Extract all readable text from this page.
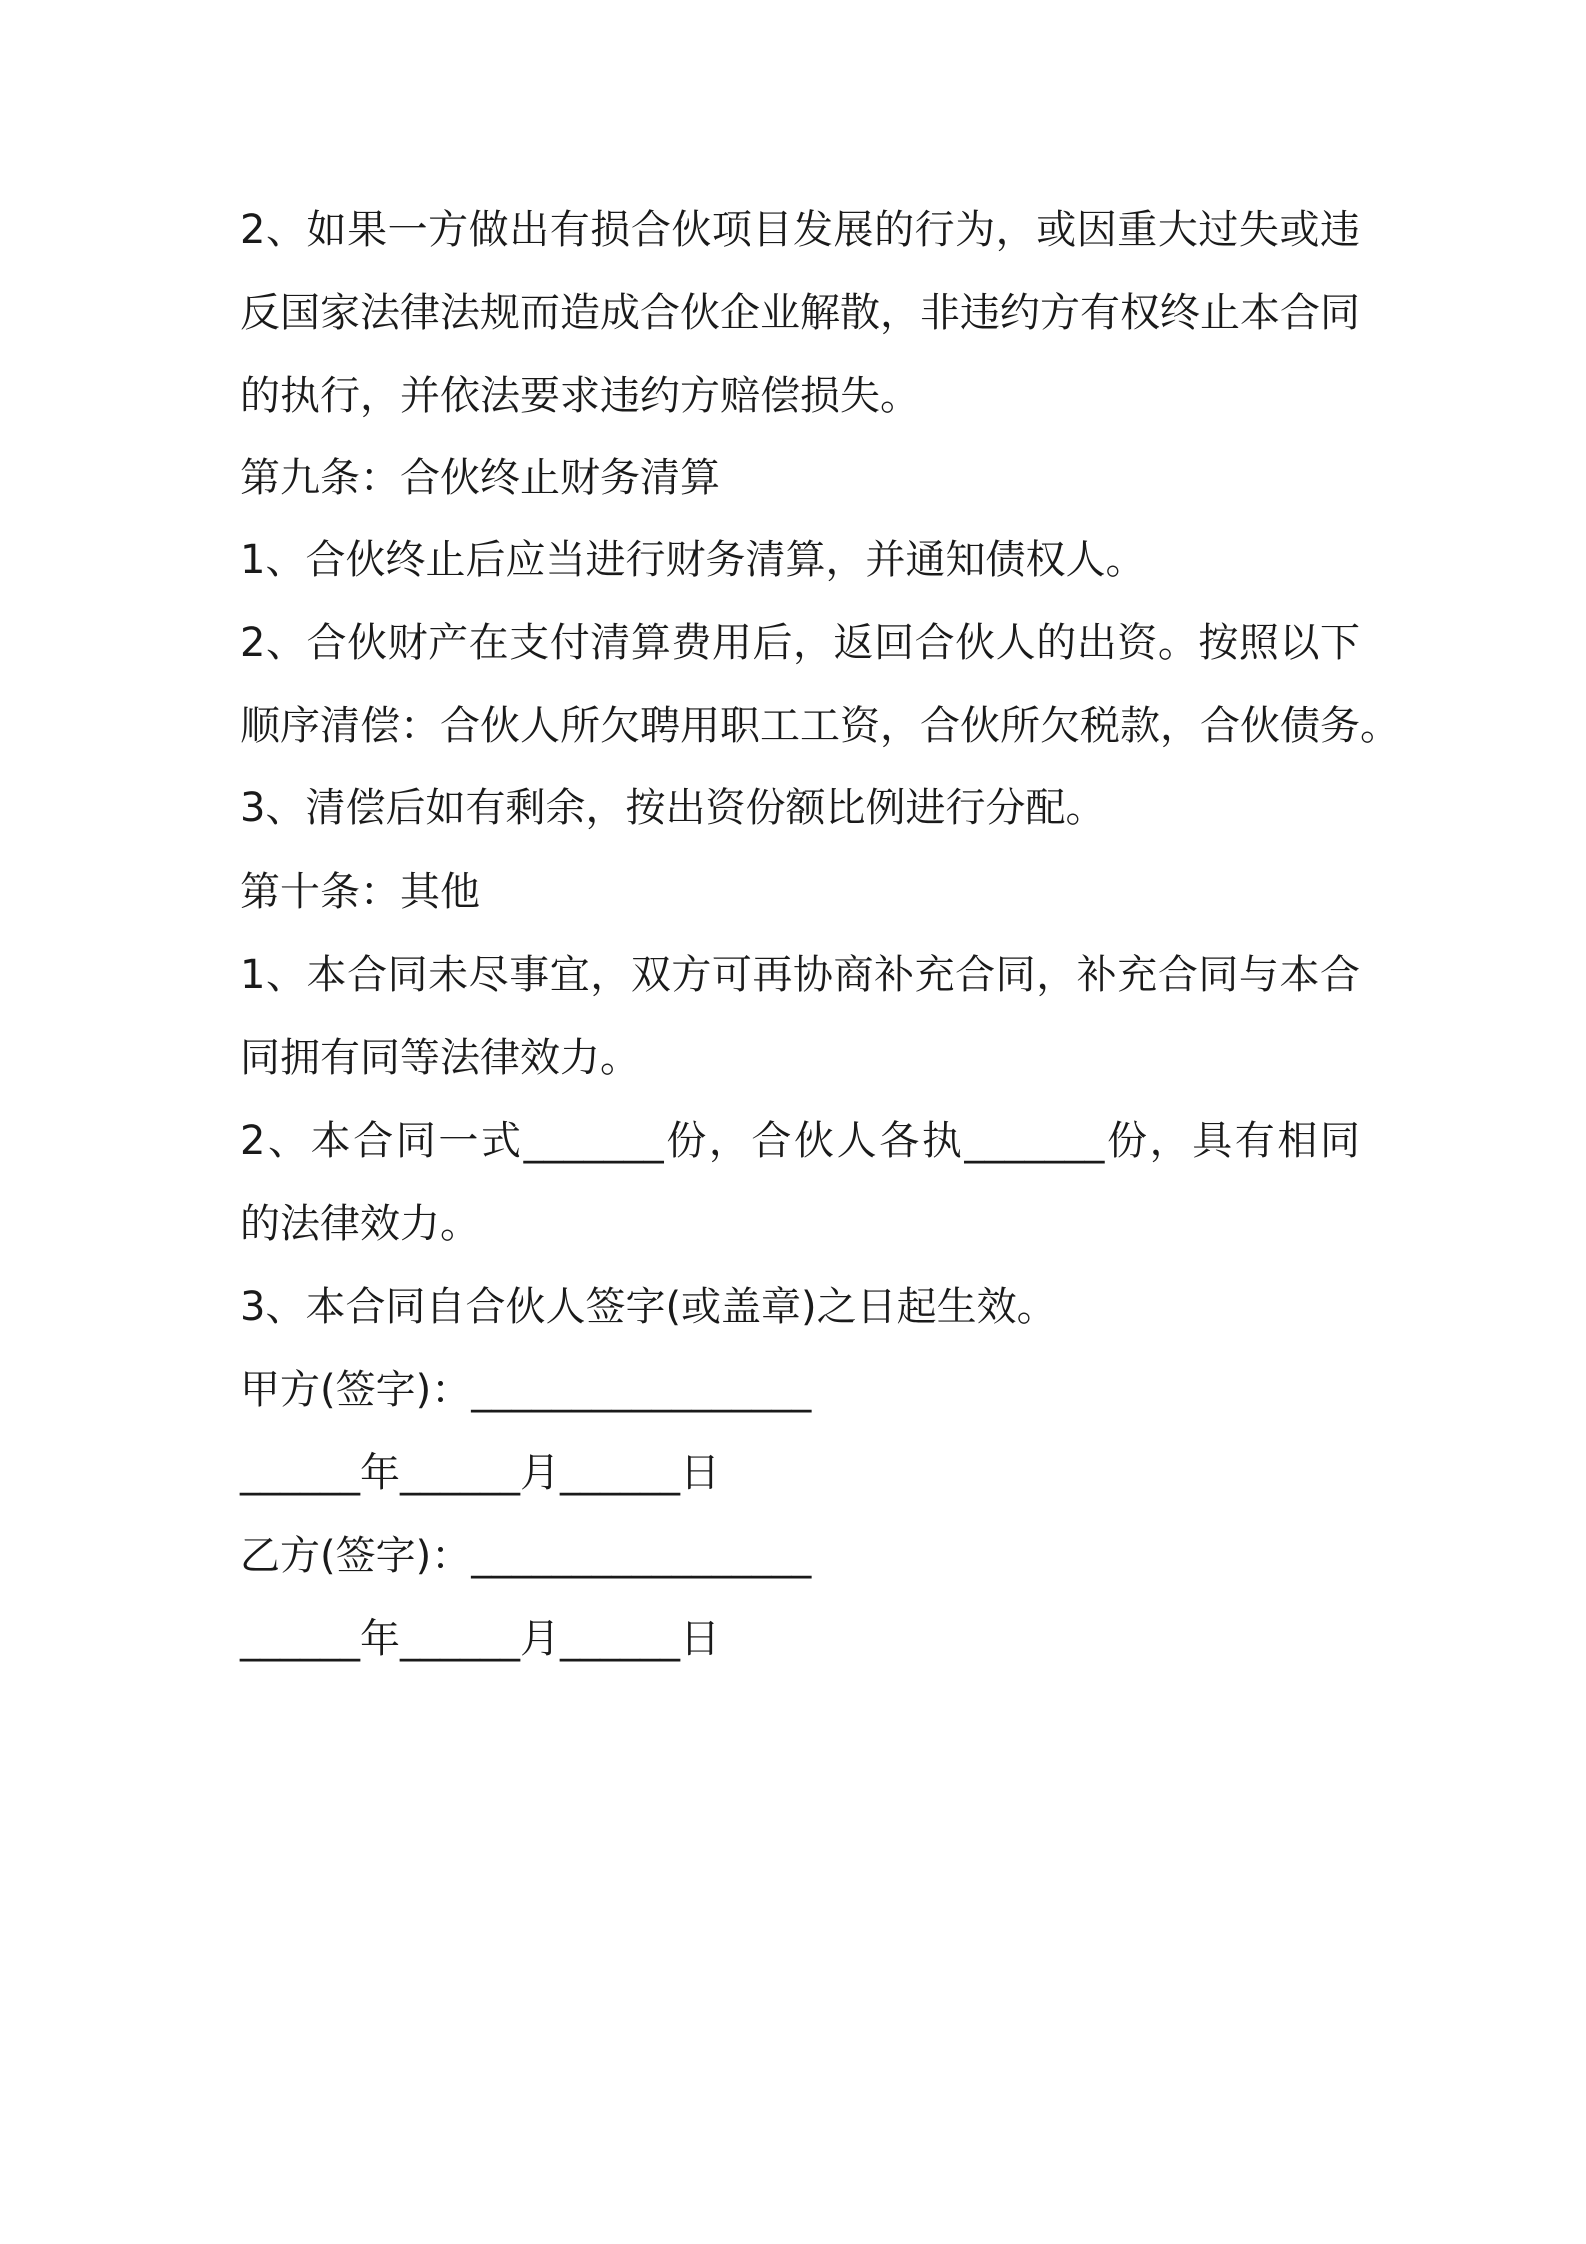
2、如果一方做出有损合伙项目发展的行为，或因重大过失或违
反国家法律法规而造成合伙企业解散，非违约方有权终止本合同
的执行，并依法要求违约方赔偿损失。
第九条：合伙终止财务清算
1、合伙终止后应当进行财务清算，并通知债权人。
2、合伙财产在支付清算费用后，返回合伙人的出资。按照以下
顺序清偿：合伙人所欠聘用职工工资，合伙所欠税款，合伙债务。
3、清偿后如有剩余，按出资份额比例进行分配。
第十条：其他
1、本合同未尽事宜，双方可再协商补充合同，补充合同与本合
同拥有同等法律效力。
2、本合同一式_______份，合伙人各执_______份，具有相同
的法律效力。
3、本合同自合伙人签字(或盖章)之日起生效。
甲方(签字)：_________________
______年______月______日
乙方(签字)：_________________
______年______月______日
